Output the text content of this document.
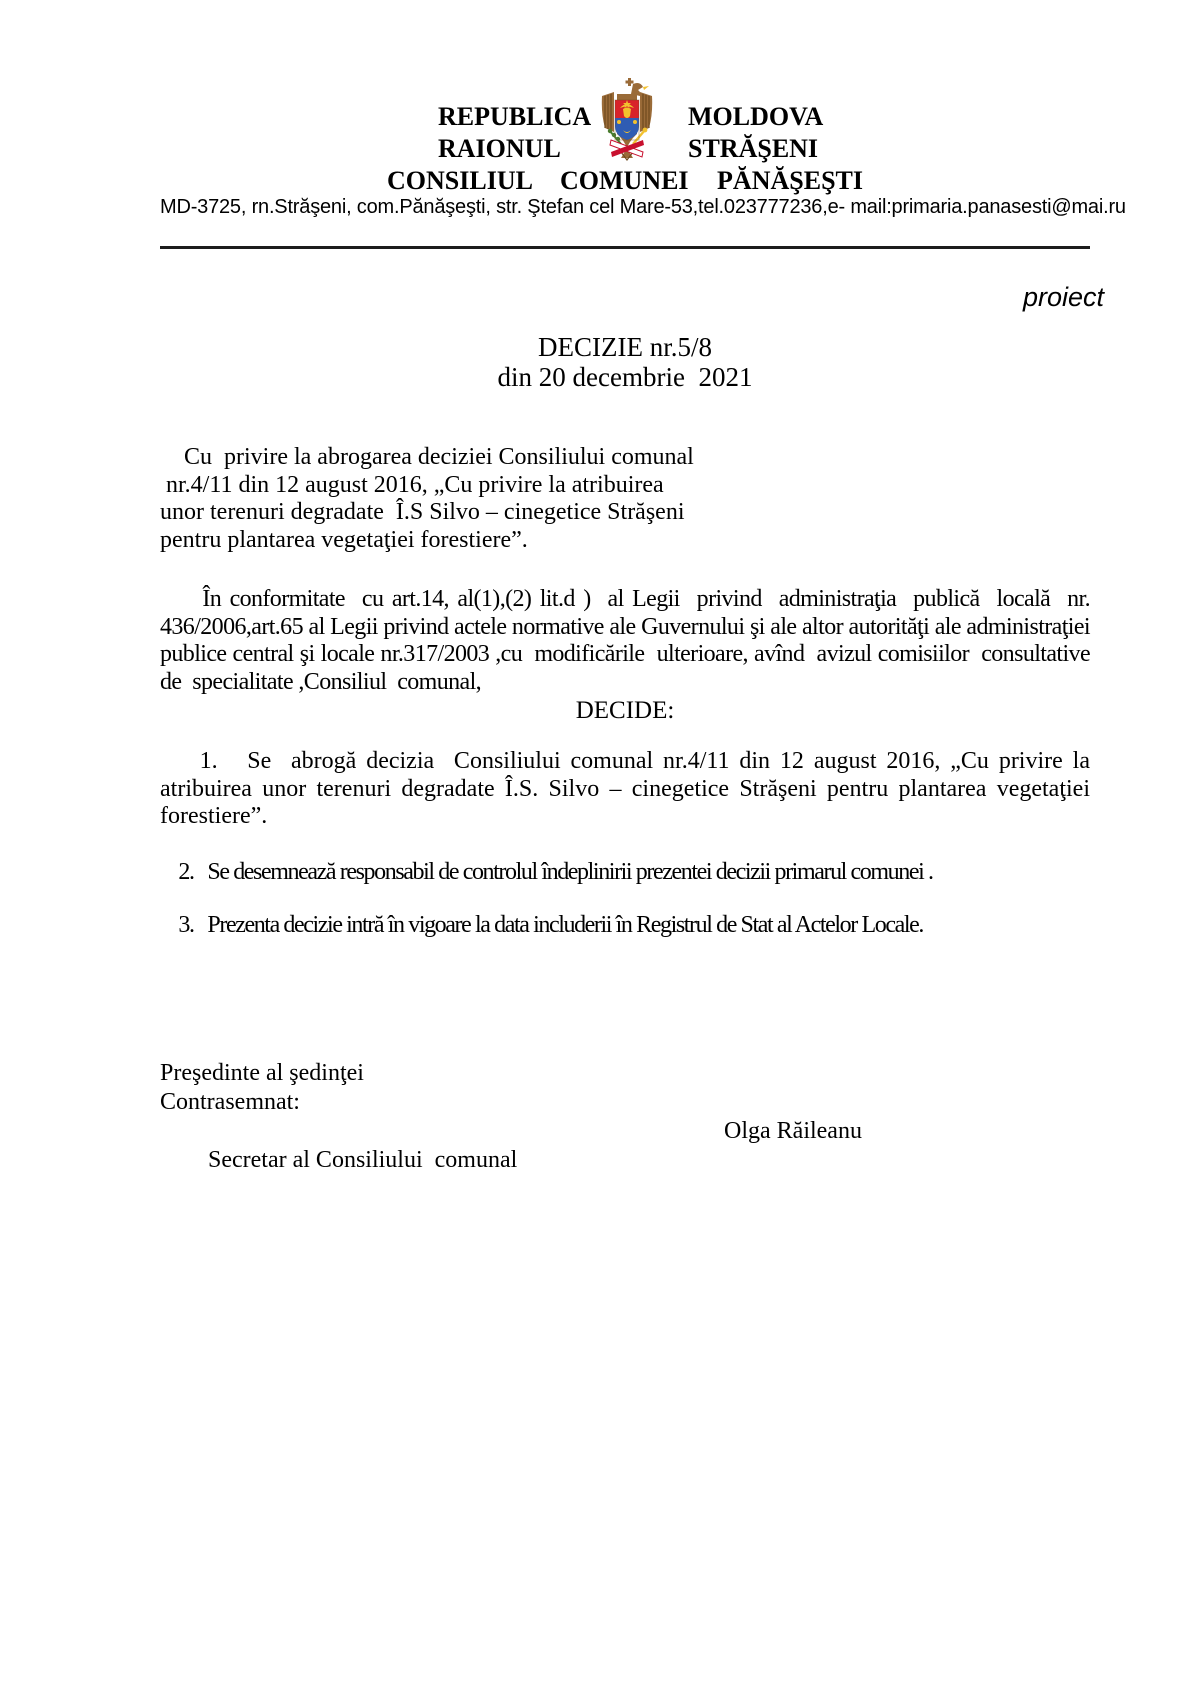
REPUBLICA	MOLDOVA
RAIONUL	STRĂŞENI
CONSILIUL COMUNEI PĂNĂŞEŞTI
MD-3725, rn.Străşeni, com.Pănăşeşti, str. Ştefan cel Mare-53,tel.023777236,e- mail:primaria.panasesti@mai.ru
proiect
DECIZIE nr.5/8
din 20 decembrie  2021
Cu  privire la abrogarea deciziei Consiliului comunal
nr.4/11 din 12 august 2016, „Cu privire la atribuirea
unor terenuri degradate  Î.S Silvo – cinegetice Străşeni
pentru plantarea vegetaţiei forestiere”.
În conformitate  cu art.14, al(1),(2) lit.d )  al Legii  privind  administraţia  publică  locală  nr. 436/2006,art.65 al Legii privind actele normative ale Guvernului şi ale altor autorităţi ale administraţiei publice central şi locale nr.317/2003 ,cu  modificările  ulterioare, avînd  avizul comisiilor  consultative  de  specialitate ,Consiliul  comunal,
DECIDE:
1.   Se  abrogă decizia  Consiliului comunal nr.4/11 din 12 august 2016, „Cu privire la atribuirea unor terenuri degradate Î.S. Silvo – cinegetice Străşeni pentru plantarea vegetaţiei forestiere”.
2.   Se desemnează responsabil de controlul îndeplinirii prezentei decizii primarul comunei .
3.   Prezenta decizie intră în vigoare la data includerii în Registrul de Stat al Actelor Locale.
Preşedinte al şedinţei
Contrasemnat:

Secretar al Consiliului  comunal

Olga Răileanu
